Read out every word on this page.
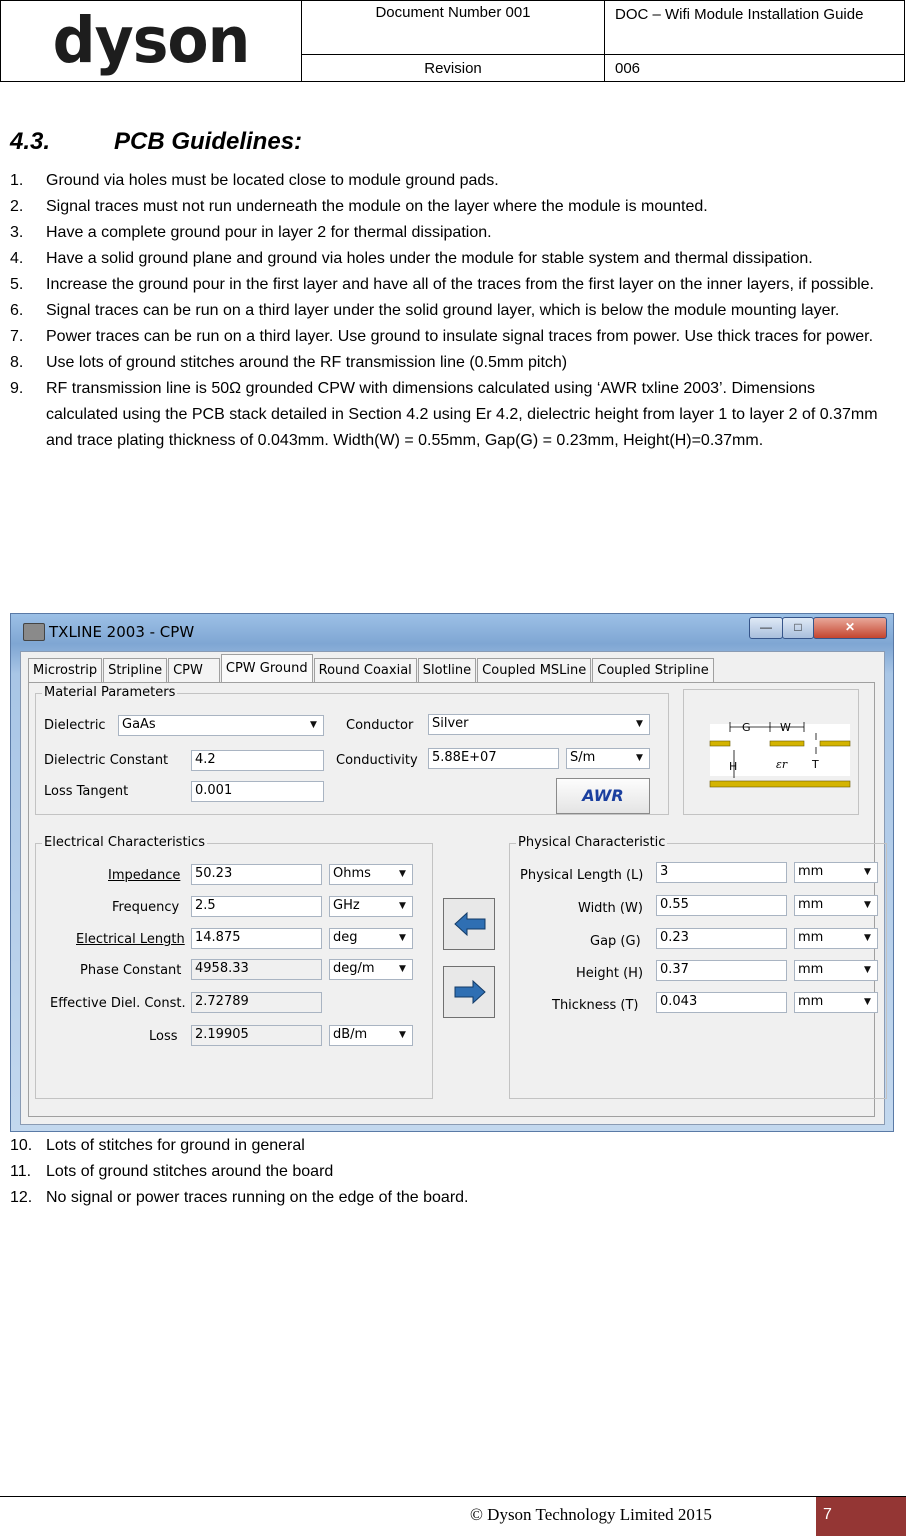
dyson	Document Number 001	DOC – Wifi Module Installation Guide
	Revision	006
4.3.	PCB Guidelines:
1. Ground via holes must be located close to module ground pads.
2. Signal traces must not run underneath the module on the layer where the module is mounted.
3. Have a complete ground pour in layer 2 for thermal dissipation.
4. Have a solid ground plane and ground via holes under the module for stable system and thermal dissipation.
5. Increase the ground pour in the first layer and have all of the traces from the first layer on the inner layers, if possible.
6. Signal traces can be run on a third layer under the solid ground layer, which is below the module mounting layer.
7. Power traces can be run on a third layer. Use ground to insulate signal traces from power. Use thick traces for power.
8. Use lots of ground stitches around the RF transmission line (0.5mm pitch)
9. RF transmission line is 50Ω grounded CPW with dimensions calculated using ‘AWR txline 2003’. Dimensions calculated using the PCB stack detailed in Section 4.2 using Er 4.2, dielectric height from layer 1 to layer 2 of 0.37mm and trace plating thickness of 0.043mm. Width(W) = 0.55mm, Gap(G) = 0.23mm, Height(H)=0.37mm.
TXLINE 2003 - CPW	—	□	✕
Microstrip Stripline CPW	CPW Ground Round Coaxial Slotline Coupled MSLine Coupled Stripline
Material Parameters
Dielectric	GaAs	▼
Dielectric Constant	4.2
Loss Tangent	0.001
Conductor	Silver	▼
Conductivity	5.88E+07	S/m	▼
AWR
G	W
H	εr T
Electrical Characteristics
Impedance	50.23	Ohms	▼
Frequency	2.5	GHz	▼
Electrical Length 14.875	deg	▼
Phase Constant	4958.33	deg/m	▼
Effective Diel. Const. 2.72789
Loss	2.19905	dB/m	▼
Physical Characteristic
Physical Length (L)	3	mm	▼
Width (W)	0.55	mm	▼
Gap (G)	0.23	mm	▼
Height (H)	0.37	mm	▼
Thickness (T)	0.043	mm	▼
10. Lots of stitches for ground in general
11. Lots of ground stitches around the board
12. No signal or power traces running on the edge of the board.
© Dyson Technology Limited 2015	7
